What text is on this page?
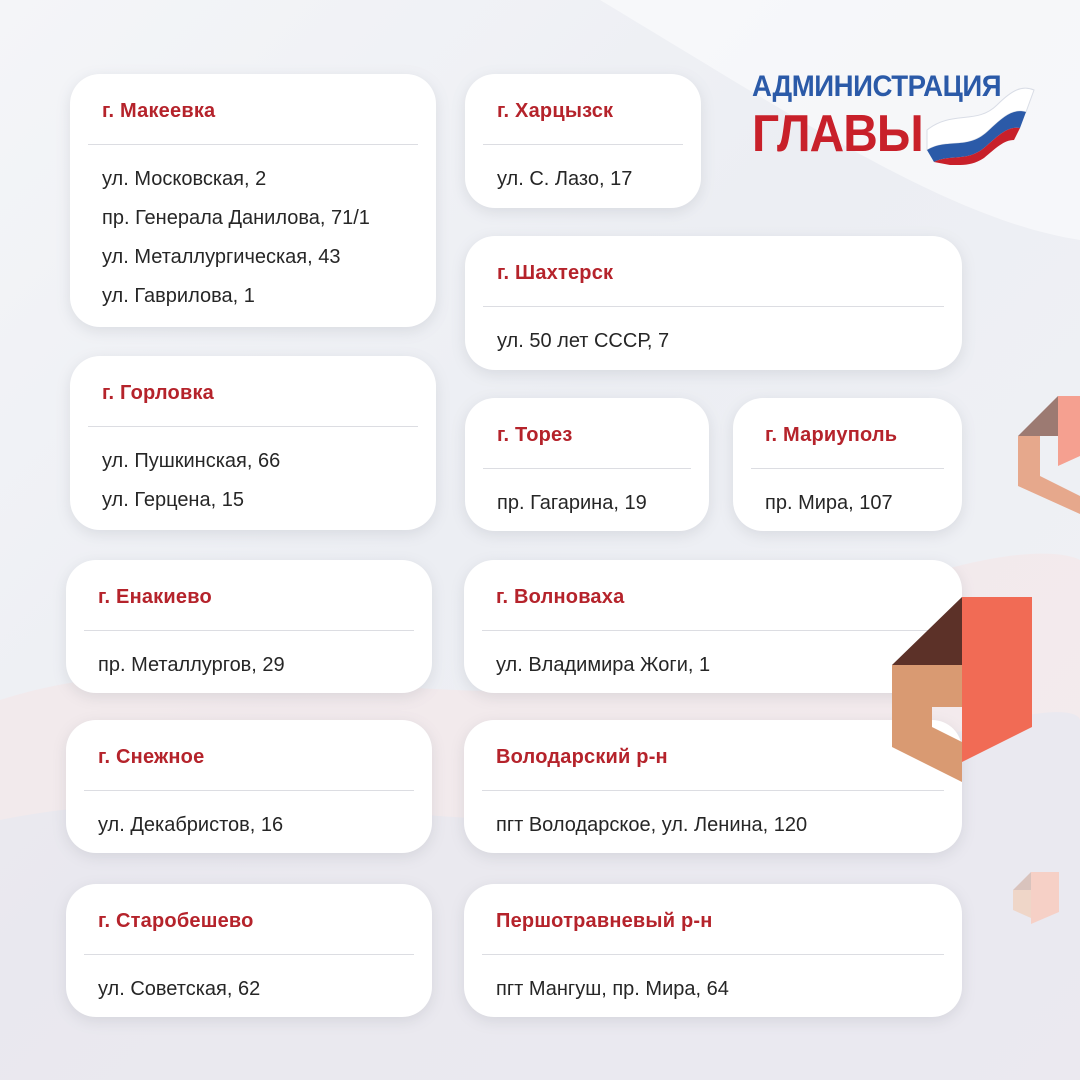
АДМИНИСТРАЦИЯ
ГЛАВЫ
г. Макеевка
ул. Московская, 2
пр. Генерала Данилова, 71/1
ул. Металлургическая, 43
ул. Гаврилова, 1
г. Харцызск
ул. С. Лазо, 17
г. Шахтерск
ул. 50 лет СССР, 7
г. Горловка
ул. Пушкинская, 66
ул. Герцена, 15
г. Торез
пр. Гагарина, 19
г. Мариуполь
пр. Мира, 107
г. Енакиево
пр. Металлургов, 29
г. Волноваха
ул. Владимира Жоги, 1
г. Снежное
ул. Декабристов, 16
Володарский р-н
пгт Володарское, ул. Ленина, 120
г. Старобешево
ул. Советская, 62
Першотравневый р-н
пгт Мангуш, пр. Мира, 64
